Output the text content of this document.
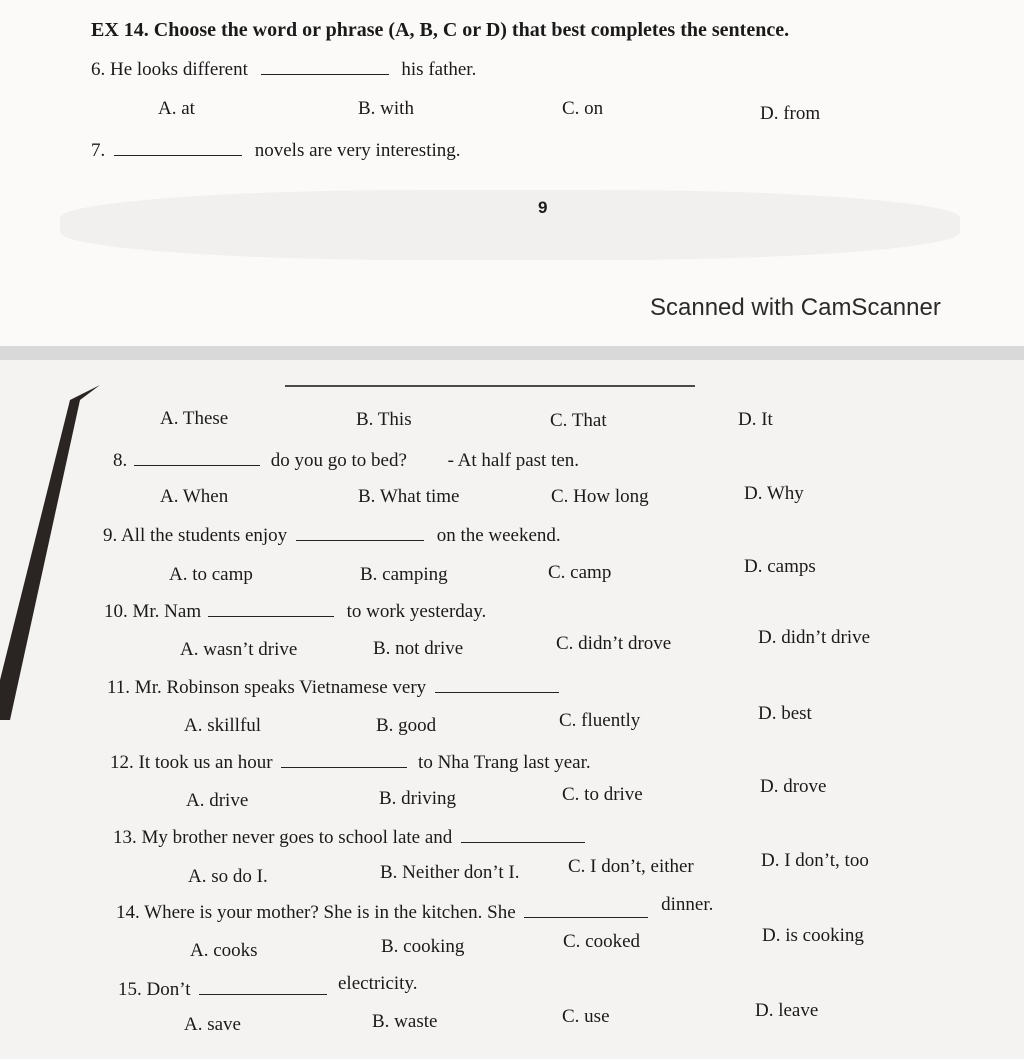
EX 14. Choose the word or phrase (A, B, C or D) that best completes the sentence.
6. He looks different	his father.
A. at	B. with	C. on	D. from
7.	novels are very interesting.
9
Scanned with CamScanner
A. These	B. This	C. That	D. It
8.	do you go to bed? - At half past ten.
A. When	B. What time	C. How long	D. Why
9. All the students enjoy	on the weekend.
A. to camp	B. camping	C. camp	D. camps
10. Mr. Nam	to work yesterday.
A. wasn’t drive	B. not drive	C. didn’t drove	D. didn’t drive
11. Mr. Robinson speaks Vietnamese very
A. skillful	B. good	C. fluently	D. best
12. It took us an hour	to Nha Trang last year.
A. drive	B. driving	C. to drive	D. drove
13. My brother never goes to school late and
A. so do I.	B. Neither don’t I.	C. I don’t, either	D. I don’t, too
14. Where is your mother? She is in the kitchen. She	dinner.
A. cooks	B. cooking	C. cooked	D. is cooking
15. Don’t	electricity.
A. save	B. waste	C. use	D. leave
